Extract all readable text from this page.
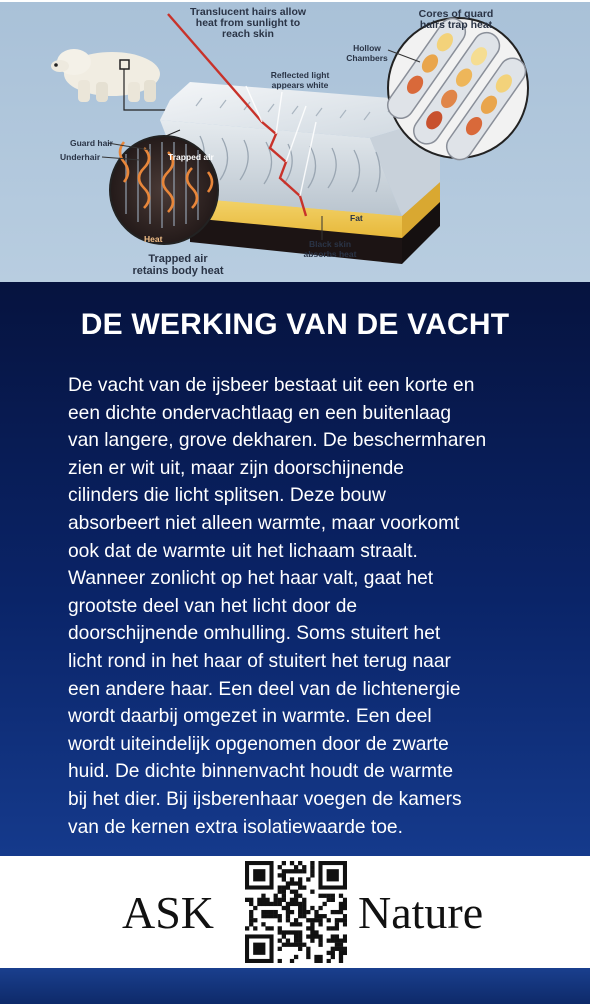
Translucent hairs allow
heat from sunlight to
reach skin
Cores of guard
hairs trap heat
Hollow
Chambers
Reflected light
appears white
Guard hair
Underhair	Trapped air
Heat
Trapped air
retains body heat
Fat
Black skin
absorbs heat
DE WERKING VAN DE VACHT
De vacht van de ijsbeer bestaat uit een korte en
een dichte ondervachtlaag en een buitenlaag
van langere, grove dekharen. De beschermharen
zien er wit uit, maar zijn doorschijnende
cilinders die licht splitsen. Deze bouw
absorbeert niet alleen warmte, maar voorkomt
ook dat de warmte uit het lichaam straalt.
Wanneer zonlicht op het haar valt, gaat het
grootste deel van het licht door de
doorschijnende omhulling. Soms stuitert het
licht rond in het haar of stuitert het terug naar
een andere haar. Een deel van de lichtenergie
wordt daarbij omgezet in warmte. Een deel
wordt uiteindelijk opgenomen door de zwarte
huid. De dichte binnenvacht houdt de warmte
bij het dier. Bij ijsberenhaar voegen de kamers
van de kernen extra isolatiewaarde toe.
ASK	Nature
